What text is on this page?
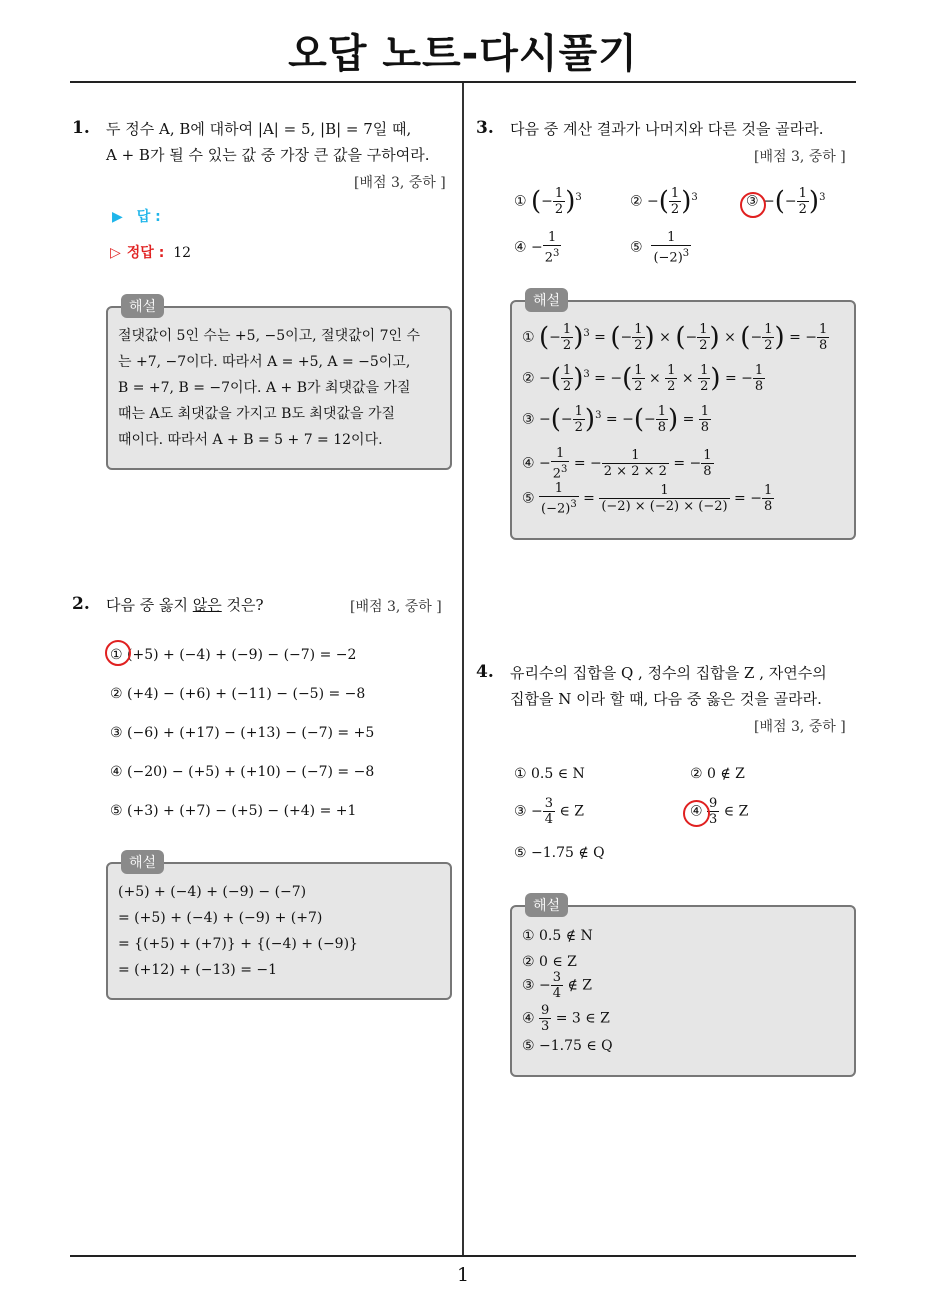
오답 노트-다시풀기
1
1. 두 정수 A, B에 대하여 |A| = 5, |B| = 7일 때,
A + B가 될 수 있는 값 중 가장 큰 값을 구하여라.
[배점 3, 중하 ]
▶ 답 :
▷ 정답 : 12
해설
절댓값이 5인 수는 +5, −5이고, 절댓값이 7인 수
는 +7, −7이다. 따라서 A = +5, A = −5이고,
B = +7, B = −7이다. A + B가 최댓값을 가질
때는 A도 최댓값을 가지고 B도 최댓값을 가질
때이다. 따라서 A + B = 5 + 7 = 12이다.
2. 다음 중 옳지 않은 것은?	[배점 3, 중하 ]
① (+5) + (−4) + (−9) − (−7) = −2
② (+4) − (+6) + (−11) − (−5) = −8
③ (−6) + (+17) − (+13) − (−7) = +5
④ (−20) − (+5) + (+10) − (−7) = −8
⑤ (+3) + (+7) − (+5) − (+4) = +1
해설
(+5) + (−4) + (−9) − (−7)
= (+5) + (−4) + (−9) + (+7)
= {(+5) + (+7)} + {(−4) + (−9)}
= (+12) + (−13) = −1
3. 다음 중 계산 결과가 나머지와 다른 것을 골라라.
[배점 3, 중하 ]
① (− $\frac{1}{2} )^3$	② −( $\frac{1}{2} )^3$	③ −(− $\frac{1}{2} )^3$
④ − $\frac{1}{2^3}$	⑤ $\frac{1}{(-2)^3}$
해설
① (− $\frac{1}{2} )^3$ = (− $\frac{1}{2}$ ) × (− $\frac{1}{2}$ ) × (− $\frac{1}{2}$ ) = − $\frac{1}{8}$
② −( $\frac{1}{2} )^3$ = −( $\frac{1}{2} \times \frac{1}{2} \times \frac{1}{2}$ ) = − $\frac{1}{8}$
③ −(− $\frac{1}{2} )^3$ = −(− $\frac{1}{8}$ ) = $\frac{1}{8}$
④ − $\frac{1}{2^3}$ = − $\frac{1}{2 \times 2 \times 2}$ = − $\frac{1}{8}$
⑤ $\frac{1}{(-2)^3} = \frac{1}{(-2) \times (-2) \times (-2)}$ = − $\frac{1}{8}$
4. 유리수의 집합을 Q , 정수의 집합을 Z , 자연수의
집합을 N 이라 할 때, 다음 중 옳은 것을 골라라.
[배점 3, 중하 ]
① 0.5 ∈ N	② 0 ∉ Z
③ − $\frac{3}{4}$ ∈ Z	④ $\frac{9}{3}$ ∈ Z
⑤ −1.75 ∉ Q
해설
① 0.5 ∉ N
② 0 ∈ Z
③ − $\frac{3}{4}$ ∉ Z
④ $\frac{9}{3} = 3$ ∈ Z
⑤ −1.75 ∈ Q
